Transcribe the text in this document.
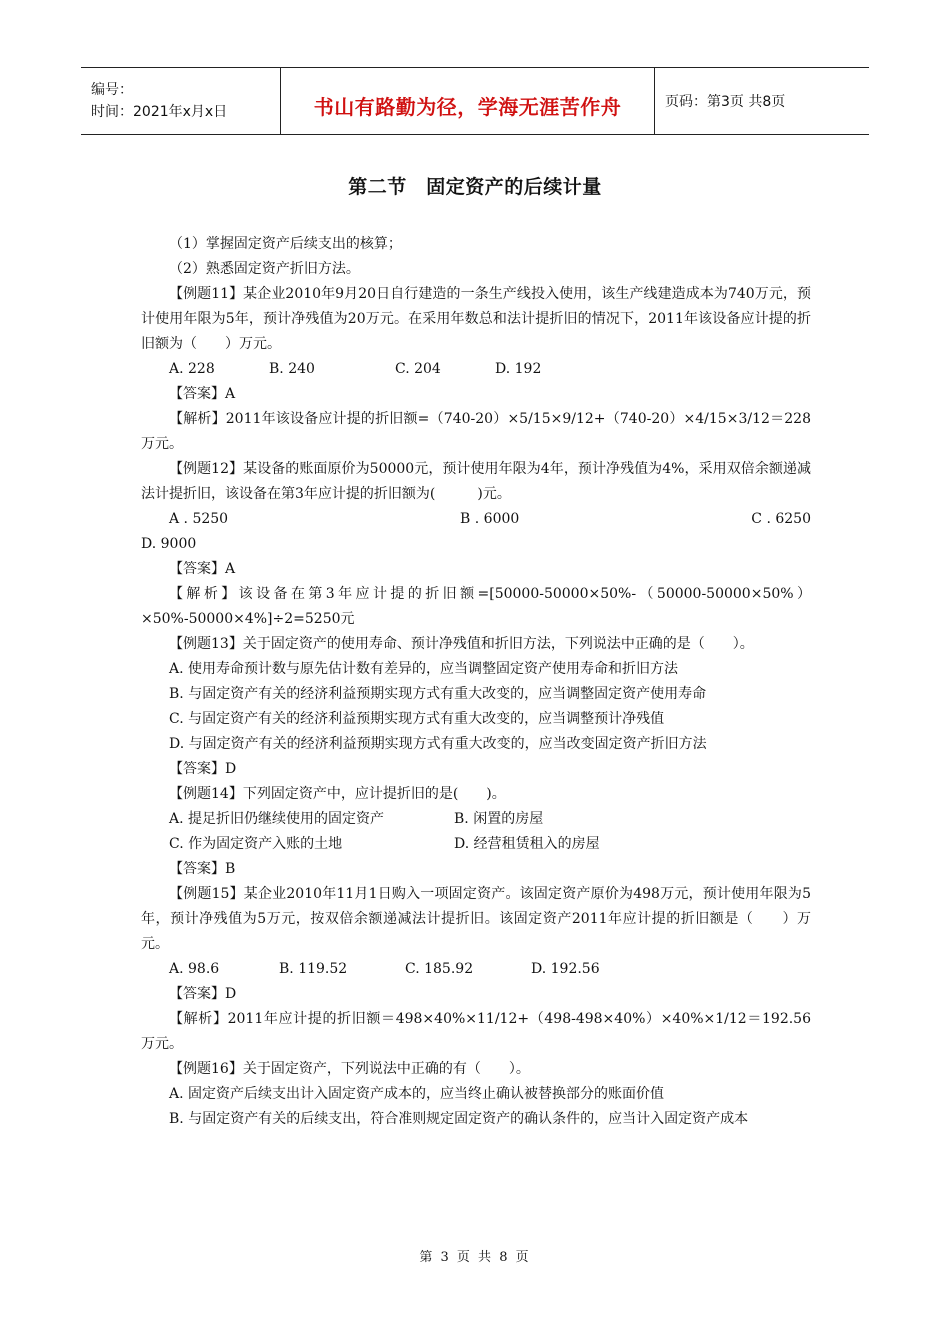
编号：
时间：2021年x月x日	书山有路勤为径，学海无涯苦作舟	页码：第3页 共8页
第二节　固定资产的后续计量

（1）掌握固定资产后续支出的核算；

（2）熟悉固定资产折旧方法。

【例题11】某企业2010年9月20日自行建造的一条生产线投入使用，该生产线建造成本为740万元，预计使用年限为5年，预计净残值为20万元。在采用年数总和法计提折旧的情况下，2011年该设备应计提的折旧额为（　　）万元。

A. 228	B. 240	C. 204	D. 192

【答案】A

【解析】2011年该设备应计提的折旧额=（740-20）×5/15×9/12+（740-20）×4/15×3/12＝228万元。

【例题12】某设备的账面原价为50000元，预计使用年限为4年，预计净残值为4%，采用双倍余额递减法计提折旧，该设备在第3年应计提的折旧额为(　　　)元。

A . 5250	B . 6000	C . 6250
D. 9000

【答案】A

【解析】该设备在第3年应计提的折旧额=[50000-50000×50%-（50000-50000×50%）×50%-50000×4%]÷2=5250元

【例题13】关于固定资产的使用寿命、预计净残值和折旧方法，下列说法中正确的是（　　）。

A. 使用寿命预计数与原先估计数有差异的，应当调整固定资产使用寿命和折旧方法

B. 与固定资产有关的经济利益预期实现方式有重大改变的，应当调整固定资产使用寿命

C. 与固定资产有关的经济利益预期实现方式有重大改变的，应当调整预计净残值

D. 与固定资产有关的经济利益预期实现方式有重大改变的，应当改变固定资产折旧方法

【答案】D

【例题14】下列固定资产中，应计提折旧的是(　　)。

A. 提足折旧仍继续使用的固定资产	B. 闲置的房屋
C. 作为固定资产入账的土地	D. 经营租赁租入的房屋

【答案】B

【例题15】某企业2010年11月1日购入一项固定资产。该固定资产原价为498万元，预计使用年限为5年，预计净残值为5万元，按双倍余额递减法计提折旧。该固定资产2011年应计提的折旧额是（　　）万元。

A. 98.6	B. 119.52	C. 185.92	D. 192.56

【答案】D

【解析】2011年应计提的折旧额＝498×40%×11/12+（498-498×40%）×40%×1/12＝192.56万元。

【例题16】关于固定资产，下列说法中正确的有（　　）。

A. 固定资产后续支出计入固定资产成本的，应当终止确认被替换部分的账面价值

B. 与固定资产有关的后续支出，符合准则规定固定资产的确认条件的，应当计入固定资产成本

第 3 页 共 8 页
